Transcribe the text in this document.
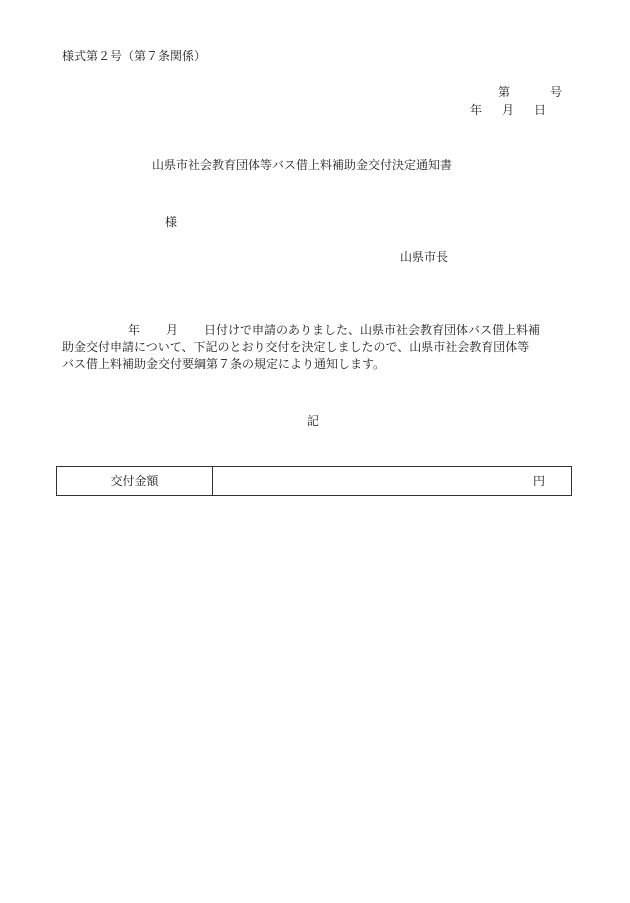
様式第２号（第７条関係）
第	号
年 月 日
山県市社会教育団体等バス借上料補助金交付決定通知書
様
山県市長
年 月 日付けで申請のありました、山県市社会教育団体バス借上料補
助金交付申請について、下記のとおり交付を決定しましたので、山県市社会教育団体等
バス借上料補助金交付要綱第７条の規定により通知します。
記
交付金額	円
